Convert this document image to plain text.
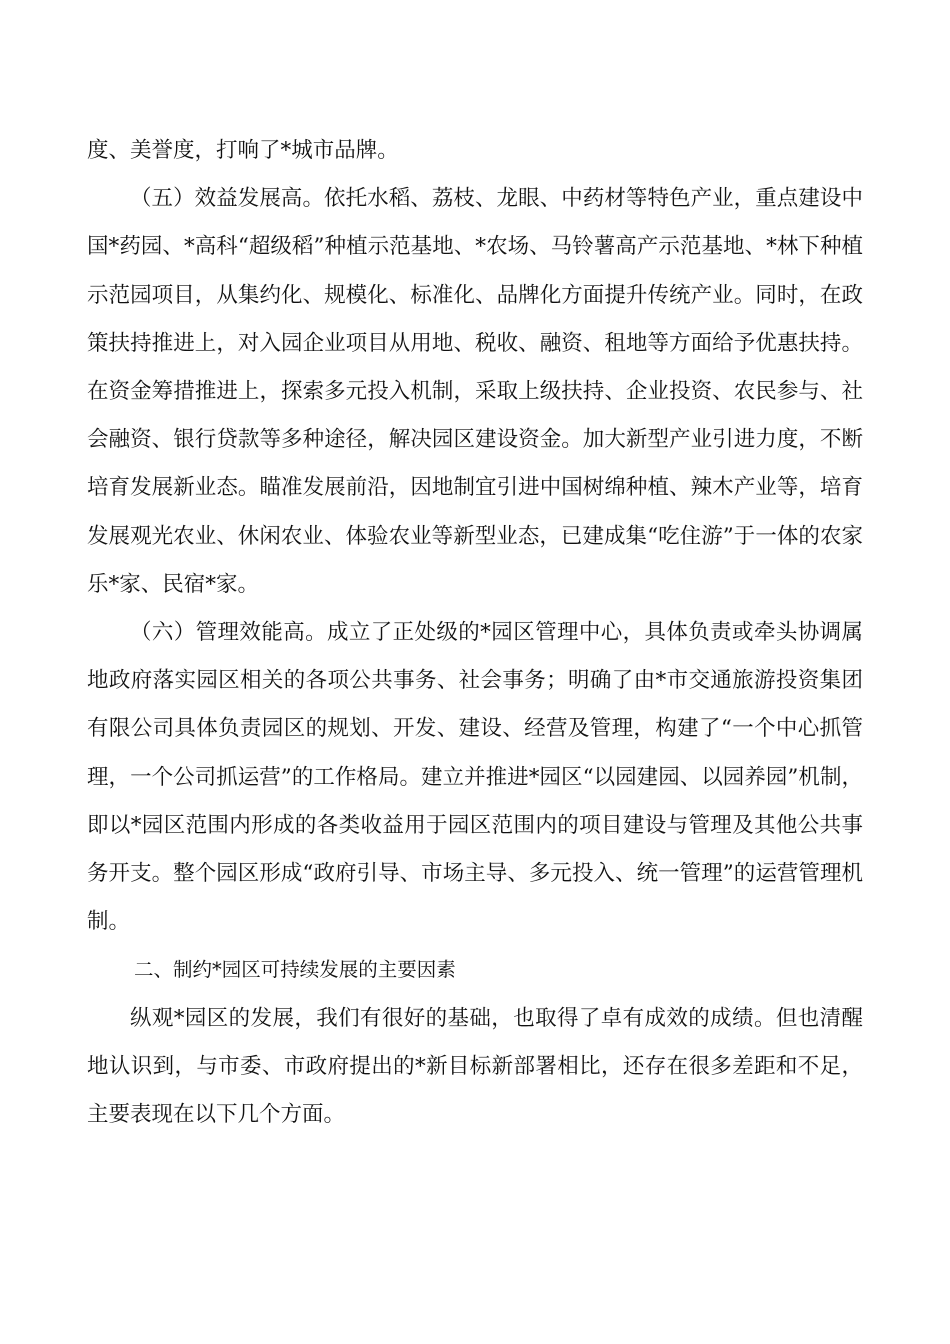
度、美誉度，打响了*城市品牌。

（五）效益发展高。依托水稻、荔枝、龙眼、中药材等特色产业，重点建设中国*药园、*高科“超级稻”种植示范基地、*农场、马铃薯高产示范基地、*林下种植示范园项目，从集约化、规模化、标准化、品牌化方面提升传统产业。同时，在政策扶持推进上，对入园企业项目从用地、税收、融资、租地等方面给予优惠扶持。在资金筹措推进上，探索多元投入机制，采取上级扶持、企业投资、农民参与、社会融资、银行贷款等多种途径，解决园区建设资金。加大新型产业引进力度，不断培育发展新业态。瞄准发展前沿，因地制宜引进中国树绵种植、辣木产业等，培育发展观光农业、休闲农业、体验农业等新型业态，已建成集“吃住游”于一体的农家乐*家、民宿*家。

（六）管理效能高。成立了正处级的*园区管理中心，具体负责或牵头协调属地政府落实园区相关的各项公共事务、社会事务；明确了由*市交通旅游投资集团有限公司具体负责园区的规划、开发、建设、经营及管理，构建了“一个中心抓管理，一个公司抓运营”的工作格局。建立并推进*园区“以园建园、以园养园”机制，即以*园区范围内形成的各类收益用于园区范围内的项目建设与管理及其他公共事务开支。整个园区形成“政府引导、市场主导、多元投入、统一管理”的运营管理机制。

二、制约*园区可持续发展的主要因素

纵观*园区的发展，我们有很好的基础，也取得了卓有成效的成绩。但也清醒地认识到，与市委、市政府提出的*新目标新部署相比，还存在很多差距和不足，主要表现在以下几个方面。
